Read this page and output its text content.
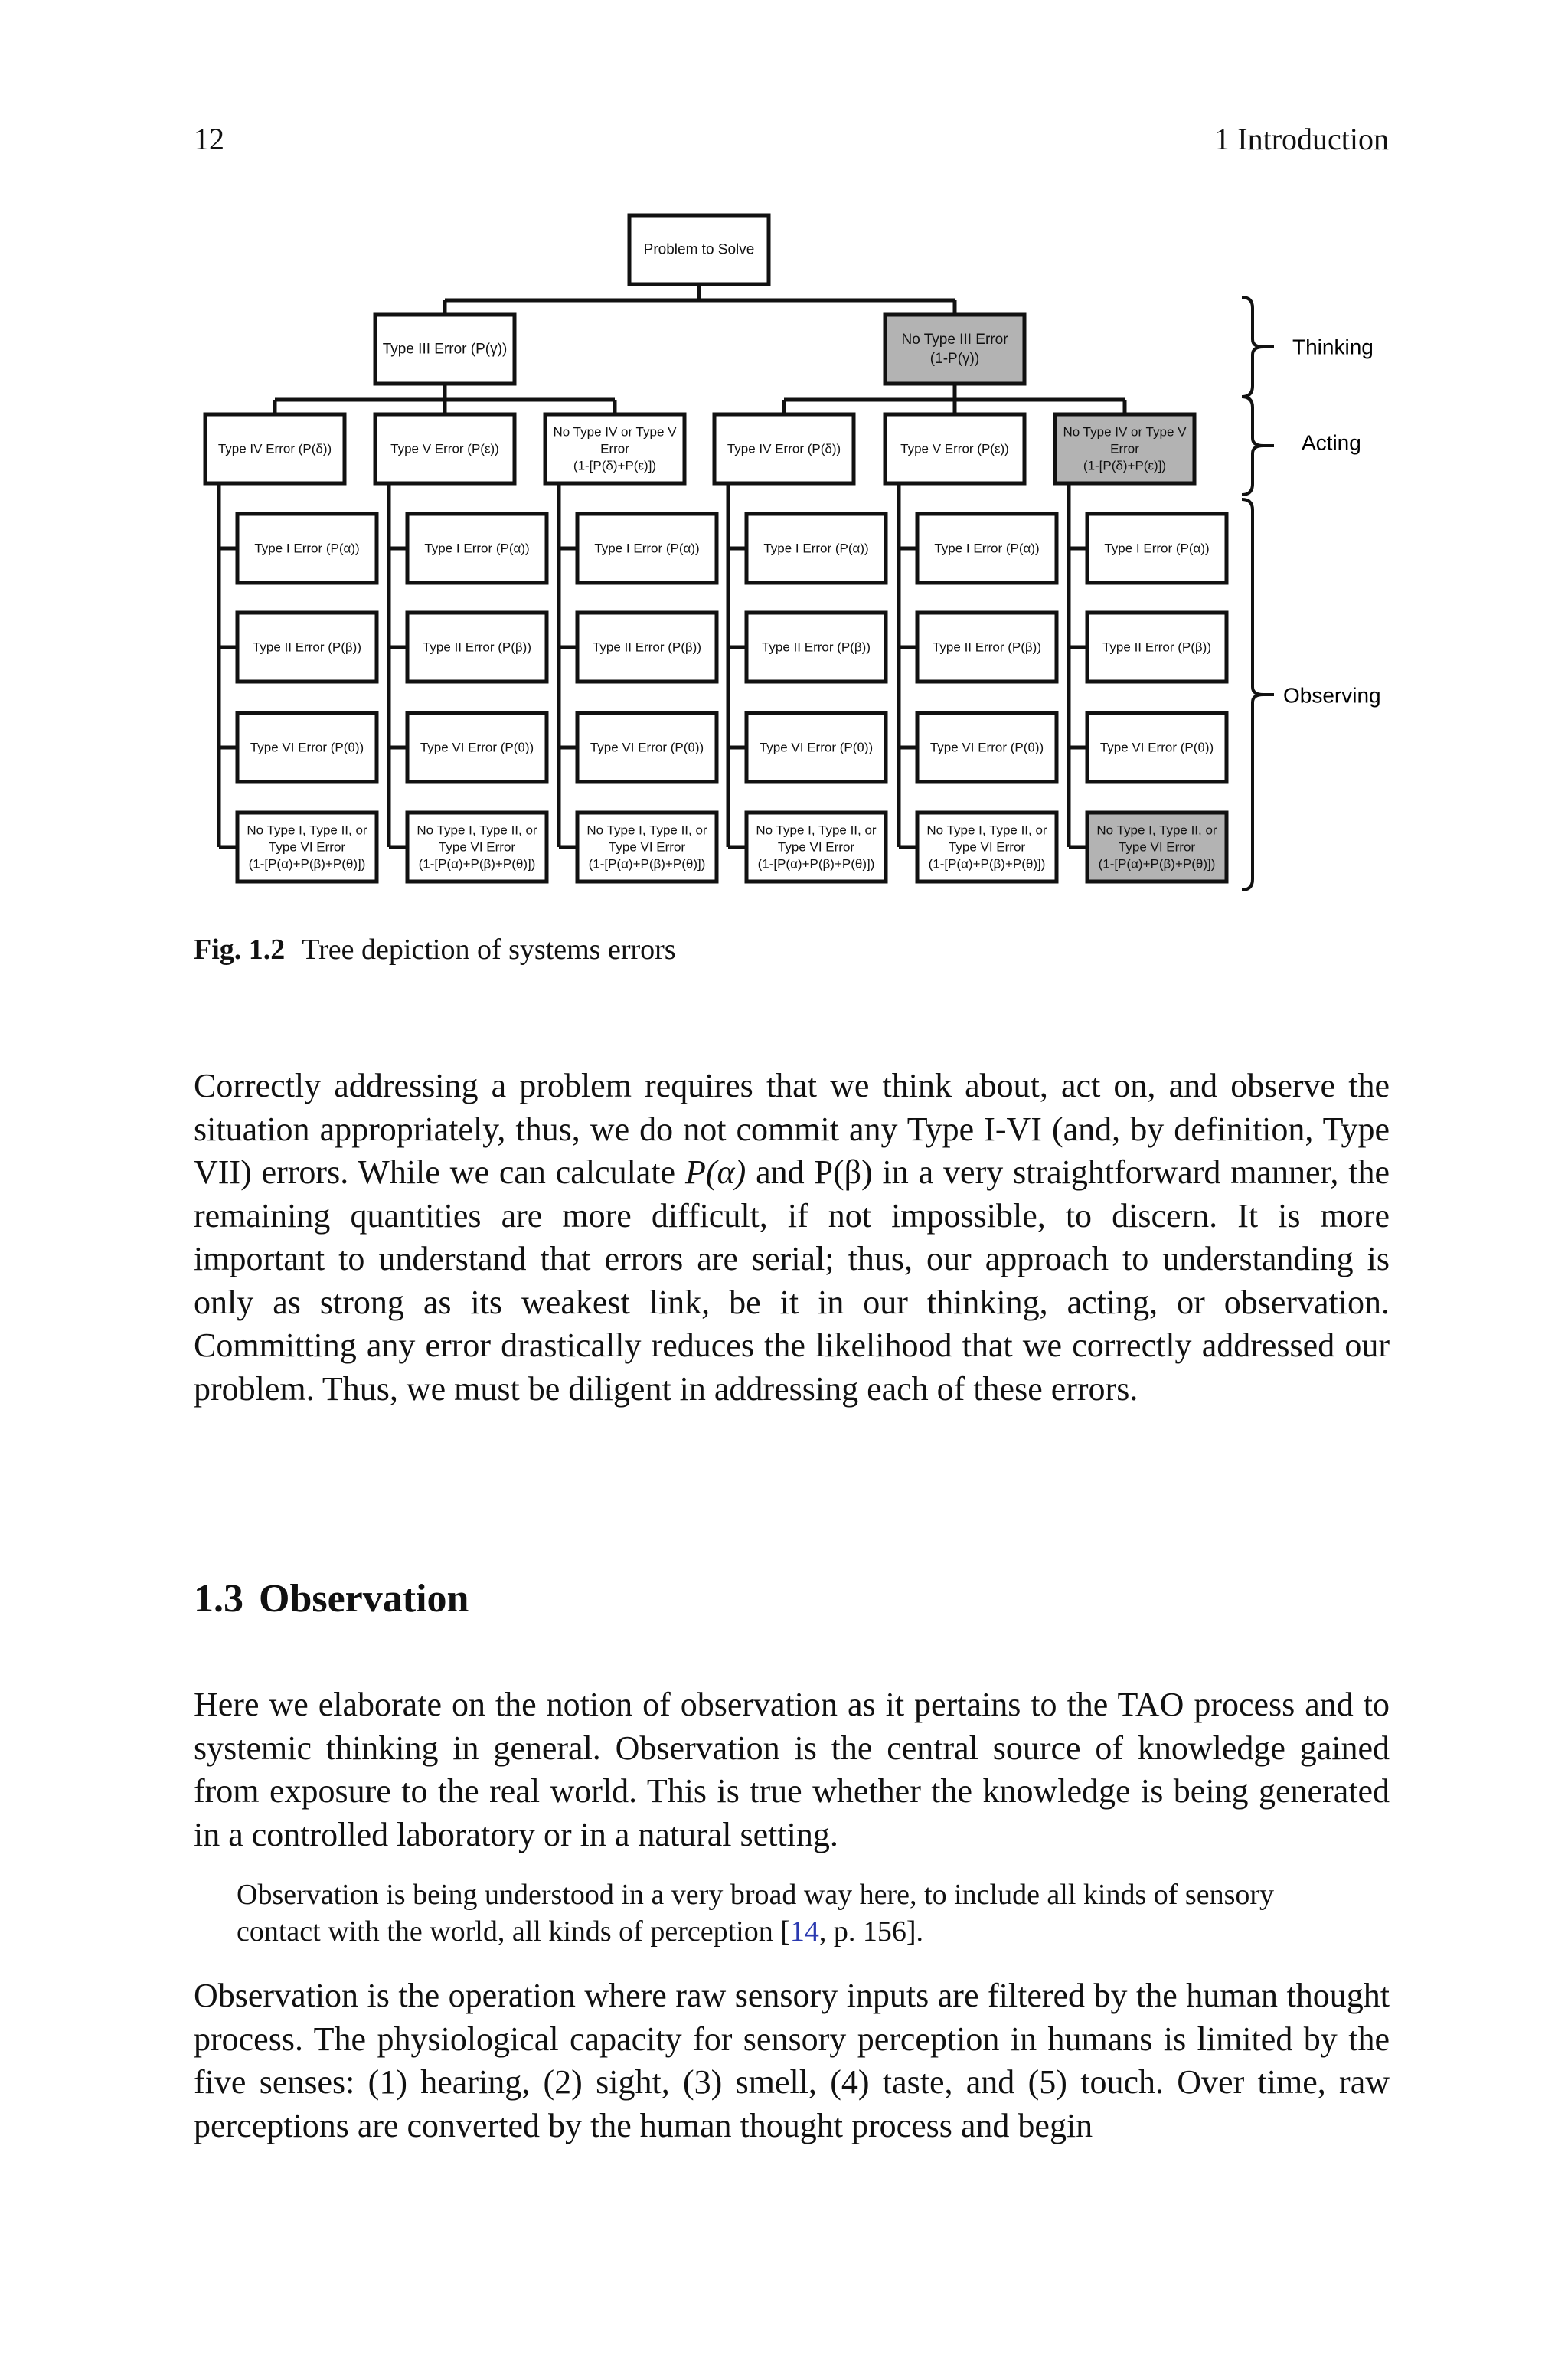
12	1 Introduction
Problem to Solve
Type III Error (P(γ))
No Type III Error
(1-P(γ))
Type IV Error (P(δ))	Type V Error (P(ε))
No Type IV or Type V
Error
(1-[P(δ)+P(ε)])
Type IV Error (P(δ))	Type V Error (P(ε))
No Type IV or Type V
Error
(1-[P(δ)+P(ε)])
Type I Error (P(α))
Type II Error (P(β))
Type VI Error (P(θ))
No Type I, Type II, or
Type VI Error
(1-[P(α)+P(β)+P(θ)])
Type I Error (P(α))
Type II Error (P(β))
Type VI Error (P(θ))
No Type I, Type II, or
Type VI Error
(1-[P(α)+P(β)+P(θ)])
Type I Error (P(α))
Type II Error (P(β))
Type VI Error (P(θ))
No Type I, Type II, or
Type VI Error
(1-[P(α)+P(β)+P(θ)])
Type I Error (P(α))
Type II Error (P(β))
Type VI Error (P(θ))
No Type I, Type II, or
Type VI Error
(1-[P(α)+P(β)+P(θ)])
Type I Error (P(α))
Type II Error (P(β))
Type VI Error (P(θ))
No Type I, Type II, or
Type VI Error
(1-[P(α)+P(β)+P(θ)])
Type I Error (P(α))
Type II Error (P(β))
Type VI Error (P(θ))
No Type I, Type II, or
Type VI Error
(1-[P(α)+P(β)+P(θ)])
Thinking
Acting
Observing
Fig. 1.2 Tree depiction of systems errors

Correctly addressing a problem requires that we think about, act on, and observe the situation appropriately, thus, we do not commit any Type I-VI (and, by definition, Type VII) errors. While we can calculate P(α) and P(β) in a very straightforward manner, the remaining quantities are more difficult, if not impossible, to discern. It is more important to understand that errors are serial; thus, our approach to understanding is only as strong as its weakest link, be it in our thinking, acting, or observation. Committing any error drastically reduces the likelihood that we correctly addressed our problem. Thus, we must be diligent in addressing each of these errors.

1.3 Observation

Here we elaborate on the notion of observation as it pertains to the TAO process and to systemic thinking in general. Observation is the central source of knowledge gained from exposure to the real world. This is true whether the knowledge is being generated in a controlled laboratory or in a natural setting.

Observation is being understood in a very broad way here, to include all kinds of sensory contact with the world, all kinds of perception [14, p. 156].

Observation is the operation where raw sensory inputs are filtered by the human thought process. The physiological capacity for sensory perception in humans is limited by the five senses: (1) hearing, (2) sight, (3) smell, (4) taste, and (5) touch. Over time, raw perceptions are converted by the human thought process and begin
